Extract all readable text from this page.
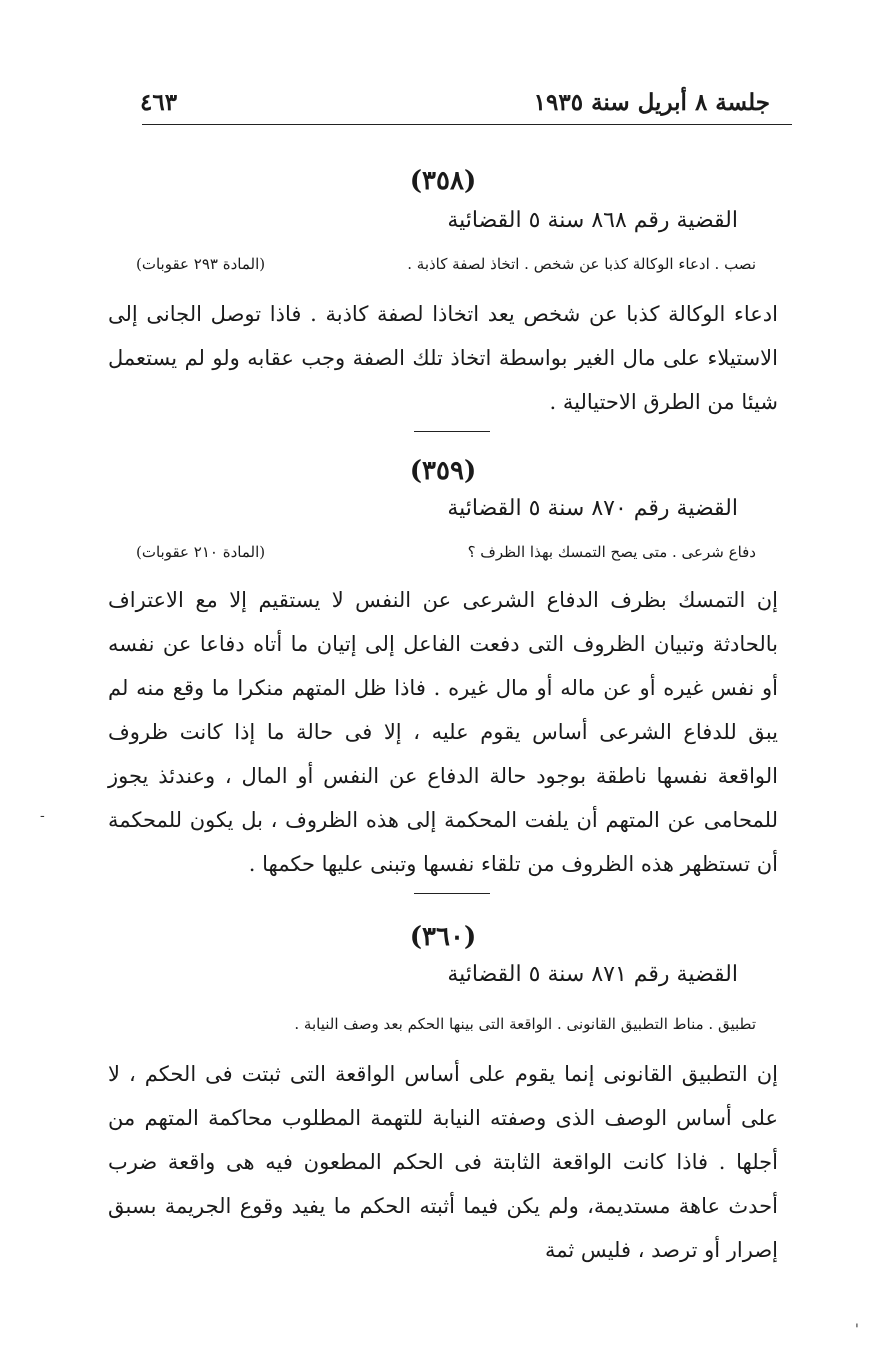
جلسة ٨ أبريل سنة ١٩٣٥
٤٦٣
(٣٥٨)
القضية رقم ٨٦٨ سنة ٥ القضائية
نصب . ادعاء الوكالة كذبا عن شخص . اتخاذ لصفة كاذبة .
(المادة ٢٩٣ عقوبات)

ادعاء الوكالة كذبا عن شخص يعد اتخاذا لصفة كاذبة . فاذا توصل الجانى إلى الاستيلاء على مال الغير بواسطة اتخاذ تلك الصفة وجب عقابه ولو لم يستعمل شيئا من الطرق الاحتيالية .

(٣٥٩)
القضية رقم ٨٧٠ سنة ٥ القضائية
دفاع شرعى . متى يصح التمسك بهذا الظرف ؟
(المادة ٢١٠ عقوبات)

إن التمسك بظرف الدفاع الشرعى عن النفس لا يستقيم إلا مع الاعتراف بالحادثة وتبيان الظروف التى دفعت الفاعل إلى إتيان ما أتاه دفاعا عن نفسه أو نفس غيره أو عن ماله أو مال غيره . فاذا ظل المتهم منكرا ما وقع منه لم يبق للدفاع الشرعى أساس يقوم عليه ، إلا فى حالة ما إذا كانت ظروف الواقعة نفسها ناطقة بوجود حالة الدفاع عن النفس أو المال ، وعندئذ يجوز للمحامى عن المتهم أن يلفت المحكمة إلى هذه الظروف ، بل يكون للمحكمة أن تستظهر هذه الظروف من تلقاء نفسها وتبنى عليها حكمها .

(٣٦٠)
القضية رقم ٨٧١ سنة ٥ القضائية
تطبيق . مناط التطبيق القانونى . الواقعة التى بينها الحكم بعد وصف النيابة .

إن التطبيق القانونى إنما يقوم على أساس الواقعة التى ثبتت فى الحكم ، لا على أساس الوصف الذى وصفته النيابة للتهمة المطلوب محاكمة المتهم من أجلها . فاذا كانت الواقعة الثابتة فى الحكم المطعون فيه هى واقعة ضرب أحدث عاهة مستديمة، ولم يكن فيما أثبته الحكم ما يفيد وقوع الجريمة بسبق إصرار أو ترصد ، فليس ثمة

-
'
